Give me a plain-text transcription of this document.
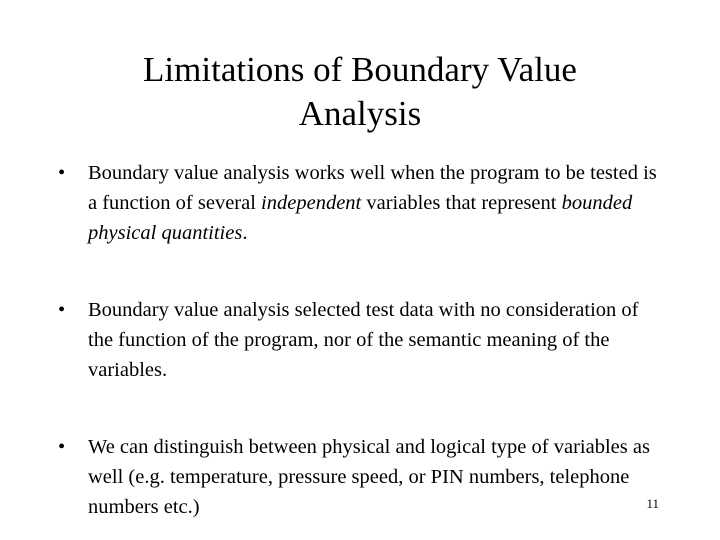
Limitations of Boundary Value
Analysis
•	Boundary value analysis works well when the program to be tested is a function of several independent variables that represent bounded physical quantities.
•	Boundary value analysis selected test data with no consideration of the function of the program, nor of the semantic meaning of the variables.
•	We can distinguish between physical and logical type of variables as well (e.g. temperature, pressure speed, or PIN numbers, telephone numbers etc.)	11
